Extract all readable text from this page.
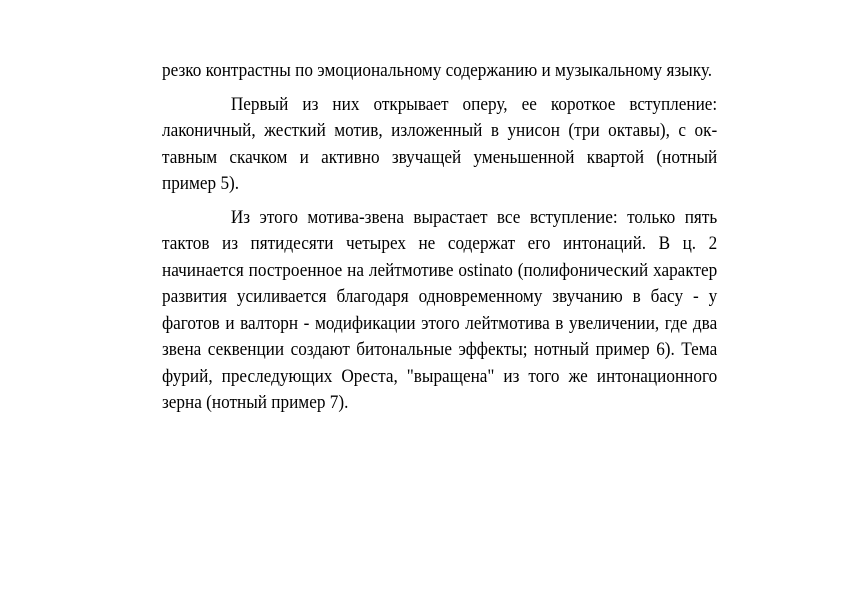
резко контрастны по эмоциональному содержанию и музыкальному языку.

Первый из них открывает оперу, ее короткое вступление: лаконичный, жесткий мотив, изложенный в унисон (три октавы), с ок-тавным скачком и активно звучащей уменьшенной квартой (нотный пример 5).

Из этого мотива-звена вырастает все вступление: только пять тактов из пятидесяти четырех не содержат его интонаций. В ц. 2 начинается построенное на лейтмотиве ostinato (полифонический характер развития усиливается благодаря одновременному звучанию в басу - у фаготов и валторн - модификации этого лейтмотива в увеличении, где два звена секвенции создают битональные эффекты; нотный пример 6). Тема фурий, преследующих Ореста, "выращена" из того же интонационного зерна (нотный пример 7).
